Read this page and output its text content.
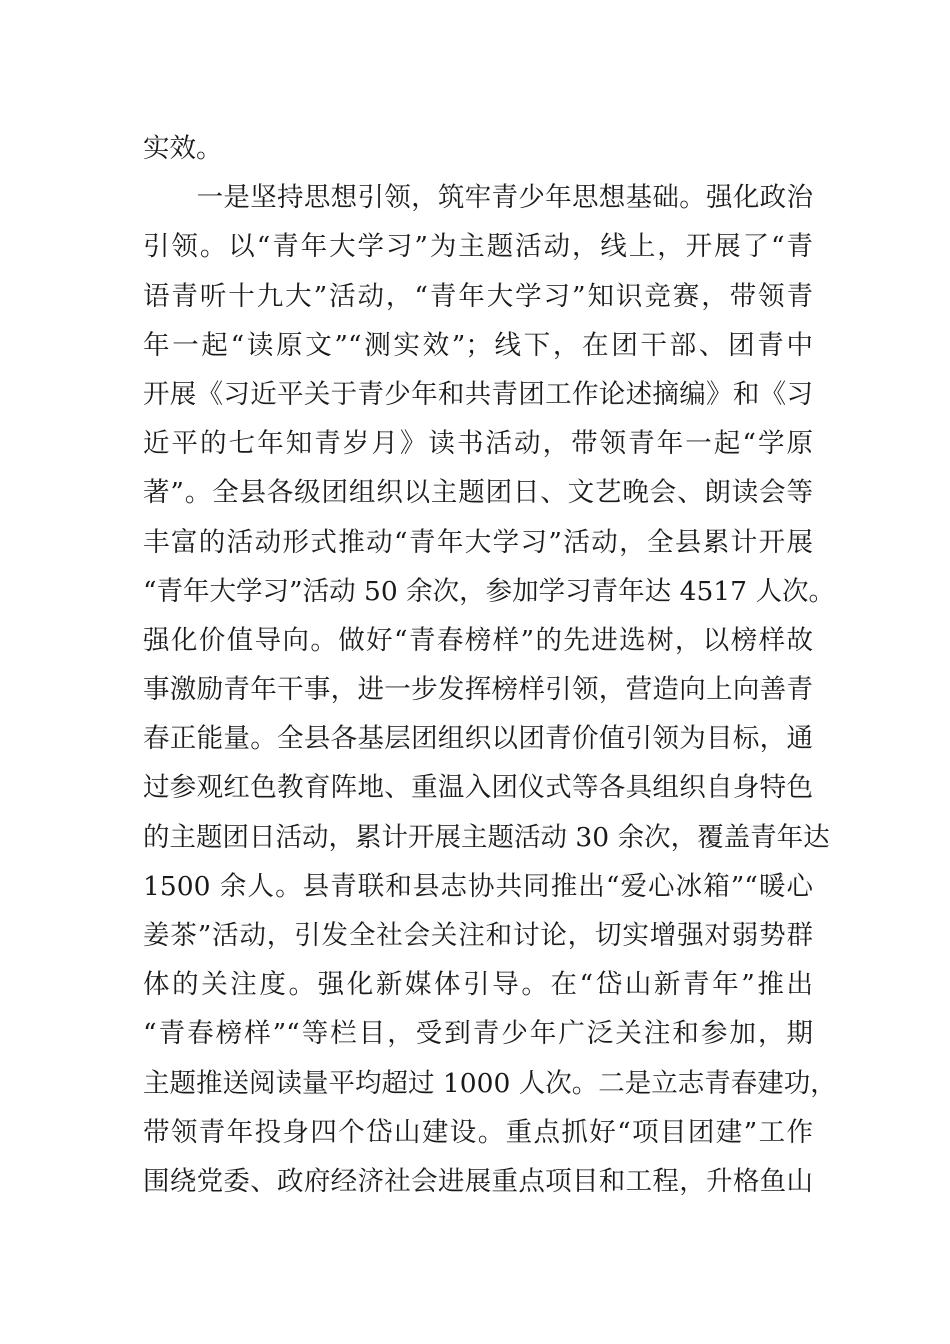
实效。
　　一是坚持思想引领，筑牢青少年思想基础。强化政治
引领。以“青年大学习”为主题活动，线上，开展了“青
语青听十九大”活动，“青年大学习”知识竞赛，带领青
年一起“读原文”“测实效”；线下，在团干部、团青中
开展《习近平关于青少年和共青团工作论述摘编》和《习
近平的七年知青岁月》读书活动，带领青年一起“学原
著”。全县各级团组织以主题团日、文艺晚会、朗读会等
丰富的活动形式推动“青年大学习”活动，全县累计开展
“青年大学习”活动 50 余次，参加学习青年达 4517 人次。
强化价值导向。做好“青春榜样”的先进选树，以榜样故
事激励青年干事，进一步发挥榜样引领，营造向上向善青
春正能量。全县各基层团组织以团青价值引领为目标，通
过参观红色教育阵地、重温入团仪式等各具组织自身特色
的主题团日活动，累计开展主题活动 30 余次，覆盖青年达
1500 余人。县青联和县志协共同推出“爱心冰箱”“暖心
姜茶”活动，引发全社会关注和讨论，切实增强对弱势群
体的关注度。强化新媒体引导。在“岱山新青年”推出
“青春榜样”“等栏目，受到青少年广泛关注和参加，期
主题推送阅读量平均超过 1000 人次。二是立志青春建功，
带领青年投身四个岱山建设。重点抓好“项目团建”工作
围绕党委、政府经济社会进展重点项目和工程，升格鱼山
